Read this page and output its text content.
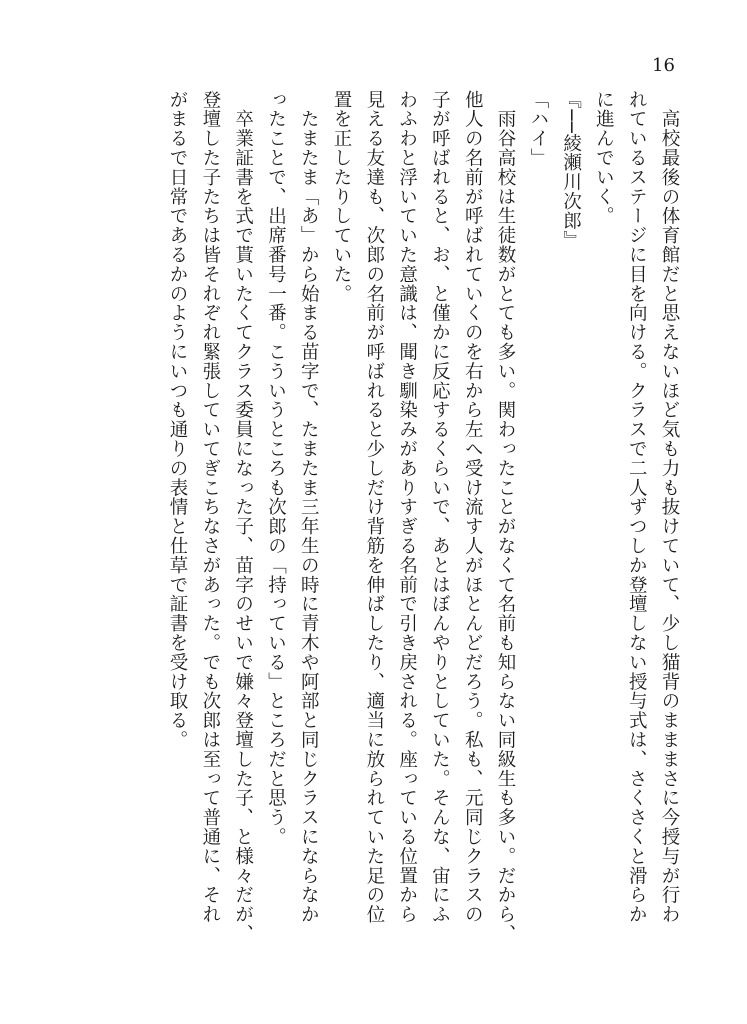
16

　高校最後の体育館だと思えないほど気も力も抜けていて、少し猫背のまままさに今授与が行わ
れているステージに目を向ける。クラスで二人ずつしか登壇しない授与式は、さくさくと滑らか
に進んでいく。

『──綾瀬川次郎』

「ハイ」

　雨谷高校は生徒数がとても多い。関わったことがなくて名前も知らない同級生も多い。だから、
他人の名前が呼ばれていくのを右から左へ受け流す人がほとんどだろう。私も、元同じクラスの
子が呼ばれると、お、と僅かに反応するくらいで、あとはぼんやりとしていた。そんな、宙にふ
わふわと浮いていた意識は、聞き馴染みがありすぎる名前で引き戻される。座っている位置から
見える友達も、次郎の名前が呼ばれると少しだけ背筋を伸ばしたり、適当に放られていた足の位
置を正したりしていた。

　たまたま「あ」から始まる苗字で、たまたま三年生の時に青木や阿部と同じクラスにならなか
ったことで、出席番号一番。こういうところも次郎の「持っている」ところだと思う。

　卒業証書を式で貰いたくてクラス委員になった子、苗字のせいで嫌々登壇した子、と様々だが、
登壇した子たちは皆それぞれ緊張していてぎこちなさがあった。でも次郎は至って普通に、それ
がまるで日常であるかのようにいつも通りの表情と仕草で証書を受け取る。
